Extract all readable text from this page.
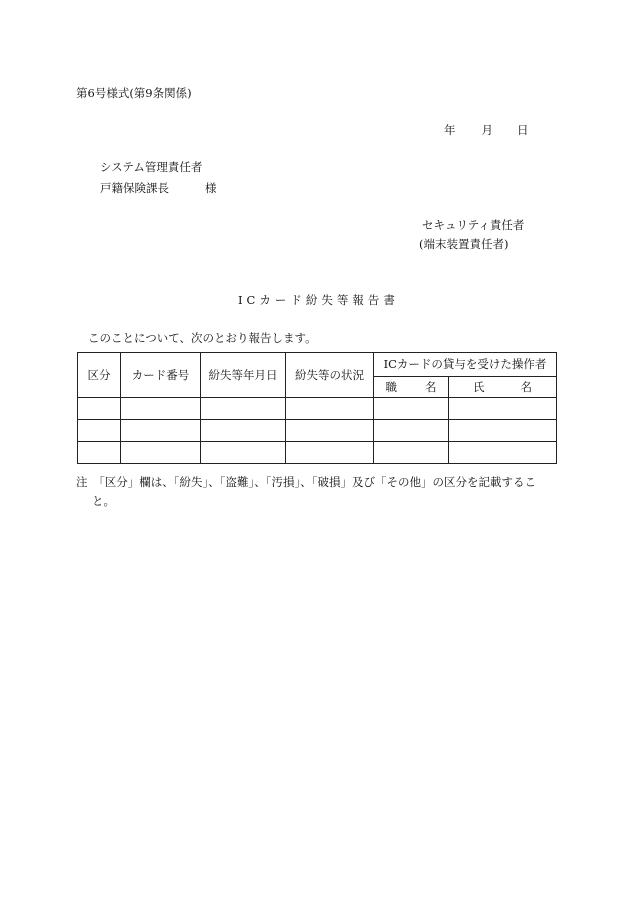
第6号様式(第9条関係)
年 月 日
システム管理責任者
戸籍保険課長	様
セキュリティ責任者
(端末装置責任者)
ICカード紛失等報告書
このことについて、次のとおり報告します。
区分	カード番号	紛失等年月日	紛失等の状況	ICカードの貸与を受けた操作者	
				職 名	氏 名

注　「区分」欄は、「紛失」、「盗難」、「汚損」、「破損」及び「その他」の区分を記載するこ
と。
